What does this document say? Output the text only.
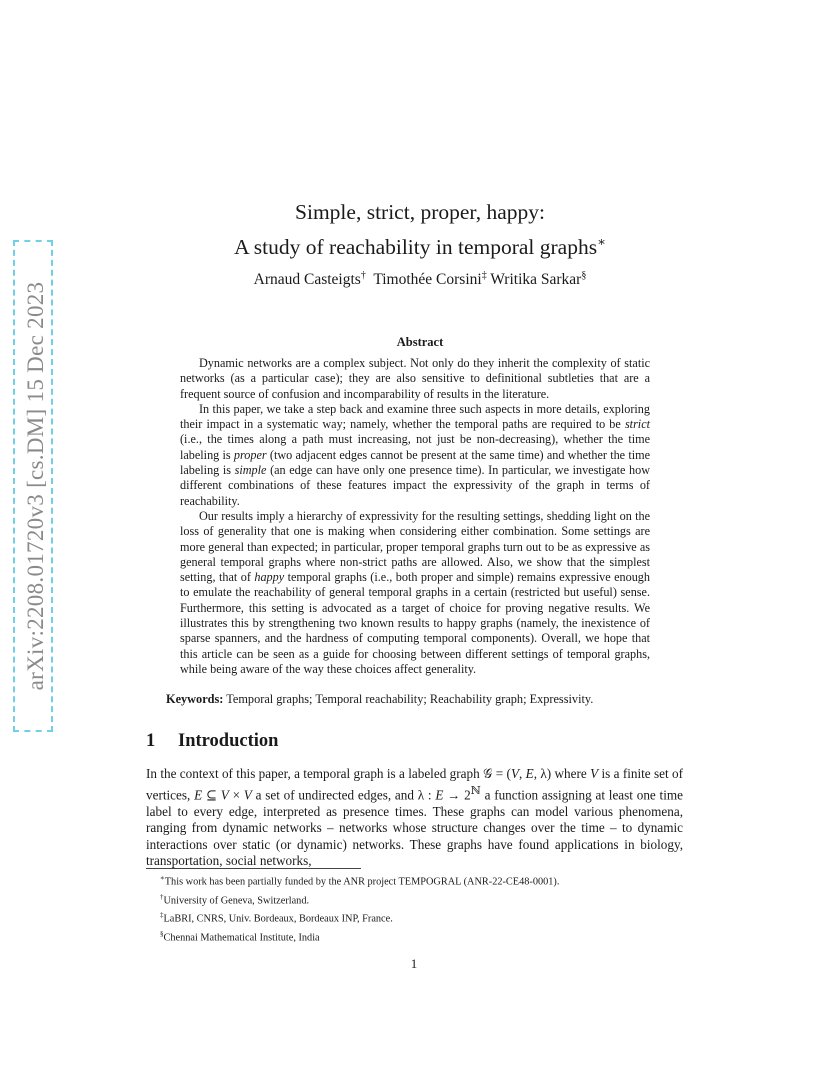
arXiv:2208.01720v3 [cs.DM] 15 Dec 2023
Simple, strict, proper, happy:
A study of reachability in temporal graphs∗
Arnaud Casteigts† Timothée Corsini‡ Writika Sarkar§
Abstract

Dynamic networks are a complex subject. Not only do they inherit the complexity of static networks (as a particular case); they are also sensitive to definitional subtleties that are a frequent source of confusion and incomparability of results in the literature.

In this paper, we take a step back and examine three such aspects in more details, exploring their impact in a systematic way; namely, whether the temporal paths are required to be strict (i.e., the times along a path must increasing, not just be non-decreasing), whether the time labeling is proper (two adjacent edges cannot be present at the same time) and whether the time labeling is simple (an edge can have only one presence time). In particular, we investigate how different combinations of these features impact the expressivity of the graph in terms of reachability.

Our results imply a hierarchy of expressivity for the resulting settings, shedding light on the loss of generality that one is making when considering either combination. Some settings are more general than expected; in particular, proper temporal graphs turn out to be as expressive as general temporal graphs where non-strict paths are allowed. Also, we show that the simplest setting, that of happy temporal graphs (i.e., both proper and simple) remains expressive enough to emulate the reachability of general temporal graphs in a certain (restricted but useful) sense. Furthermore, this setting is advocated as a target of choice for proving negative results. We illustrates this by strengthening two known results to happy graphs (namely, the inexistence of sparse spanners, and the hardness of computing temporal components). Overall, we hope that this article can be seen as a guide for choosing between different settings of temporal graphs, while being aware of the way these choices affect generality.

Keywords: Temporal graphs; Temporal reachability; Reachability graph; Expressivity.
1 Introduction

In the context of this paper, a temporal graph is a labeled graph 𝒢 = (V, E, λ) where V is a finite set of vertices, E ⊆ V × V a set of undirected edges, and λ : $E \to 2^ℕ$ a function assigning at least one time label to every edge, interpreted as presence times. These graphs can model various phenomena, ranging from dynamic networks – networks whose structure changes over the time – to dynamic interactions over static (or dynamic) networks. These graphs have found applications in biology, transportation, social networks,

∗This work has been partially funded by the ANR project TEMPOGRAL (ANR-22-CE48-0001).
†University of Geneva, Switzerland.
‡LaBRI, CNRS, Univ. Bordeaux, Bordeaux INP, France.
§Chennai Mathematical Institute, India
1
